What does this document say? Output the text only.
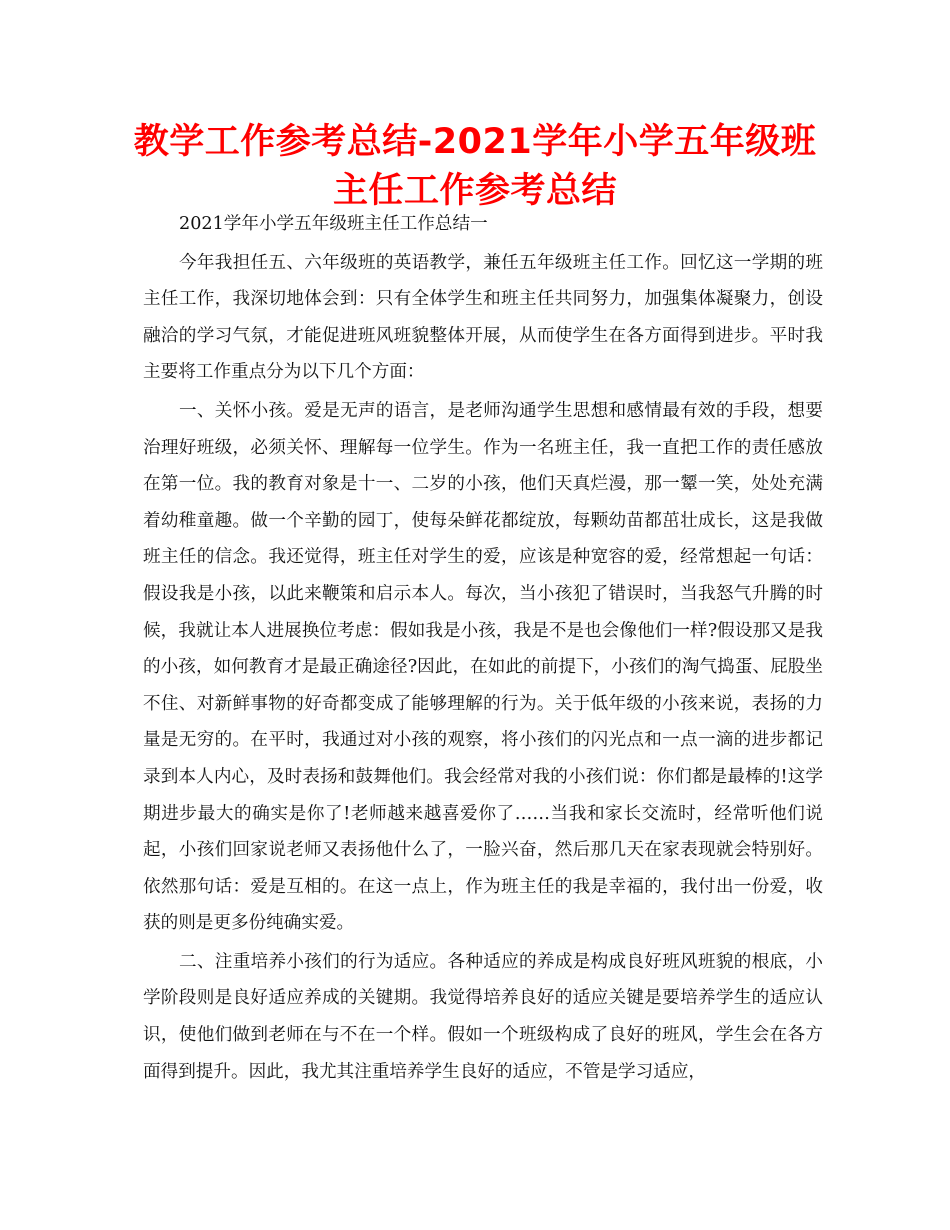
教学工作参考总结-2021学年小学五年级班主任工作参考总结

2021学年小学五年级班主任工作总结一

今年我担任五、六年级班的英语教学，兼任五年级班主任工作。回忆这一学期的班主任工作，我深切地体会到：只有全体学生和班主任共同努力，加强集体凝聚力，创设融洽的学习气氛，才能促进班风班貌整体开展，从而使学生在各方面得到进步。平时我主要将工作重点分为以下几个方面：

一、关怀小孩。爱是无声的语言，是老师沟通学生思想和感情最有效的手段，想要治理好班级，必须关怀、理解每一位学生。作为一名班主任，我一直把工作的责任感放在第一位。我的教育对象是十一、二岁的小孩，他们天真烂漫，那一颦一笑，处处充满着幼稚童趣。做一个辛勤的园丁，使每朵鲜花都绽放，每颗幼苗都茁壮成长，这是我做班主任的信念。我还觉得，班主任对学生的爱，应该是种宽容的爱，经常想起一句话：假设我是小孩，以此来鞭策和启示本人。每次，当小孩犯了错误时，当我怒气升腾的时候，我就让本人进展换位考虑：假如我是小孩，我是不是也会像他们一样?假设那又是我的小孩，如何教育才是最正确途径?因此，在如此的前提下，小孩们的淘气捣蛋、屁股坐不住、对新鲜事物的好奇都变成了能够理解的行为。关于低年级的小孩来说，表扬的力量是无穷的。在平时，我通过对小孩的观察，将小孩们的闪光点和一点一滴的进步都记录到本人内心，及时表扬和鼓舞他们。我会经常对我的小孩们说：你们都是最棒的!这学期进步最大的确实是你了!老师越来越喜爱你了……当我和家长交流时，经常听他们说起，小孩们回家说老师又表扬他什么了，一脸兴奋，然后那几天在家表现就会特别好。依然那句话：爱是互相的。在这一点上，作为班主任的我是幸福的，我付出一份爱，收获的则是更多份纯确实爱。

二、注重培养小孩们的行为适应。各种适应的养成是构成良好班风班貌的根底，小学阶段则是良好适应养成的关键期。我觉得培养良好的适应关键是要培养学生的适应认识，使他们做到老师在与不在一个样。假如一个班级构成了良好的班风，学生会在各方面得到提升。因此，我尤其注重培养学生良好的适应，不管是学习适应，
